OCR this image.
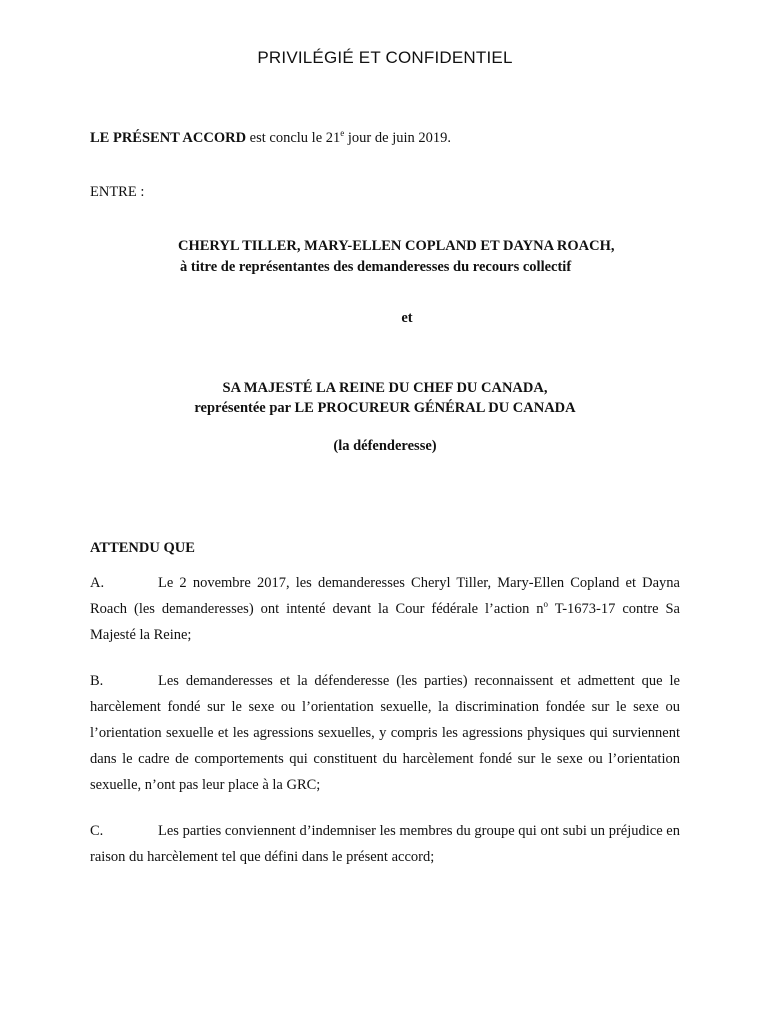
PRIVILÉGIÉ ET CONFIDENTIEL
LE PRÉSENT ACCORD est conclu le 21e jour de juin 2019.
ENTRE :
CHERYL TILLER, MARY-ELLEN COPLAND ET DAYNA ROACH,
à titre de représentantes des demanderesses du recours collectif
et
SA MAJESTÉ LA REINE DU CHEF DU CANADA,
représentée par LE PROCUREUR GÉNÉRAL DU CANADA
(la défenderesse)
ATTENDU QUE

A.	Le 2 novembre 2017, les demanderesses Cheryl Tiller, Mary-Ellen Copland et Dayna Roach (les demanderesses) ont intenté devant la Cour fédérale l’action $n^o$ T-1673-17 contre Sa Majesté la Reine;

B.	Les demanderesses et la défenderesse (les parties) reconnaissent et admettent que le harcèlement fondé sur le sexe ou l’orientation sexuelle, la discrimination fondée sur le sexe ou l’orientation sexuelle et les agressions sexuelles, y compris les agressions physiques qui surviennent dans le cadre de comportements qui constituent du harcèlement fondé sur le sexe ou l’orientation sexuelle, n’ont pas leur place à la GRC;

C.	Les parties conviennent d’indemniser les membres du groupe qui ont subi un préjudice en raison du harcèlement tel que défini dans le présent accord;
